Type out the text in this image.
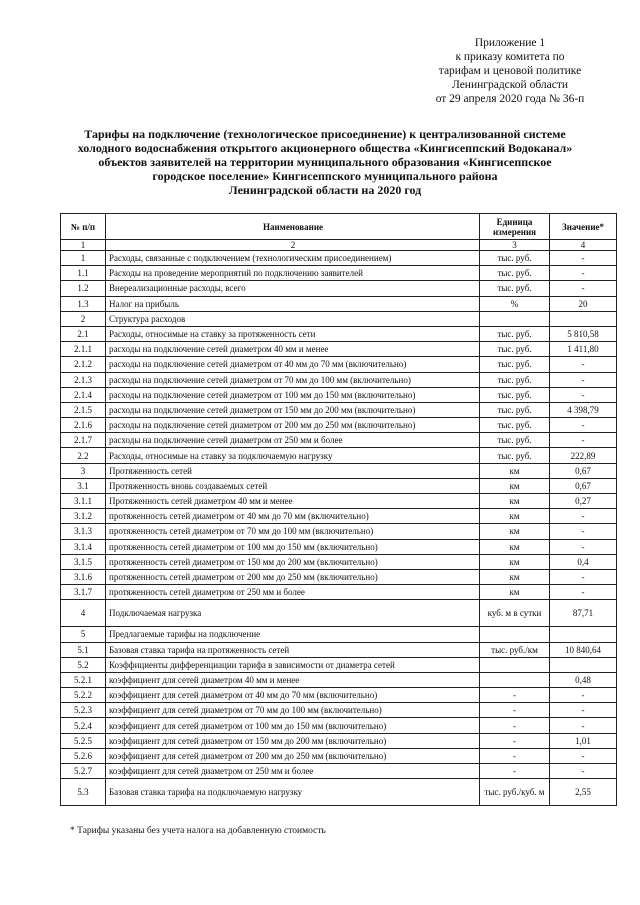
Приложение 1
к приказу комитета по
тарифам и ценовой политике
Ленинградской области
от 29 апреля 2020 года № 36-п
Тарифы на подключение (технологическое присоединение) к централизованной системе
холодного водоснабжения открытого акционерного общества «Кингисеппский Водоканал»
объектов заявителей на территории муниципального образования «Кингисеппское
городское поселение» Кингисеппского муниципального района
Ленинградской области на 2020 год
№ п/п	Наименование	Единица измерения	Значение*
1	2	3	4
1	Расходы, связанные с подключением (технологическим присоединением)	тыс. руб.	-
1.1	Расходы на проведение мероприятий по подключению заявителей	тыс. руб.	-
1.2	Внереализационные расходы, всего	тыс. руб.	-
1.3	Налог на прибыль	%	20
2	Структура расходов		
2.1	Расходы, относимые на ставку за протяженность сети	тыс. руб.	5 810,58
2.1.1	расходы на подключение сетей диаметром 40 мм и менее	тыс. руб.	1 411,80
2.1.2	расходы на подключение сетей диаметром от 40 мм до 70 мм (включительно)	тыс. руб.	-
2.1.3	расходы на подключение сетей диаметром от 70 мм до 100 мм (включительно)	тыс. руб.	-
2.1.4	расходы на подключение сетей диаметром от 100 мм до 150 мм (включительно)	тыс. руб.	-
2.1.5	расходы на подключение сетей диаметром от 150 мм до 200 мм (включительно)	тыс. руб.	4 398,79
2.1.6	расходы на подключение сетей диаметром от 200 мм до 250 мм (включительно)	тыс. руб.	-
2.1.7	расходы на подключение сетей диаметром от 250 мм и более	тыс. руб.	-
2.2	Расходы, относимые на ставку за подключаемую нагрузку	тыс. руб.	222,89
3	Протяженность сетей	км	0,67
3.1	Протяженность вновь создаваемых сетей	км	0,67
3.1.1	Протяженность сетей диаметром 40 мм и менее	км	0,27
3.1.2	протяженность сетей диаметром от 40 мм до 70 мм (включительно)	км	-
3.1.3	протяженность сетей диаметром от 70 мм до 100 мм (включительно)	км	-
3.1.4	протяженность сетей диаметром от 100 мм до 150 мм (включительно)	км	-
3.1.5	протяженность сетей диаметром от 150 мм до 200 мм (включительно)	км	0,4
3.1.6	протяженность сетей диаметром от 200 мм до 250 мм (включительно)	км	-
3.1.7	протяженность сетей диаметром от 250 мм и более	км	-
4	Подключаемая нагрузка	куб. м в сутки	87,71
5	Предлагаемые тарифы на подключение		
5.1	Базовая ставка тарифа на протяженность сетей	тыс. руб./км	10 840,64
5.2	Коэффициенты дифференциации тарифа в зависимости от диаметра сетей		
5.2.1	коэффициент для сетей диаметром 40 мм и менее		0,48
5.2.2	коэффициент для сетей диаметром от 40 мм до 70 мм (включительно)	-	-
5.2.3	коэффициент для сетей диаметром от 70 мм до 100 мм (включительно)	-	-
5.2.4	коэффициент для сетей диаметром от 100 мм до 150 мм (включительно)	-	-
5.2.5	коэффициент для сетей диаметром от 150 мм до 200 мм (включительно)	-	1,01
5.2.6	коэффициент для сетей диаметром от 200 мм до 250 мм (включительно)	-	-
5.2.7	коэффициент для сетей диаметром от 250 мм и более	-	-
5.3	Базовая ставка тарифа на подключаемую нагрузку	тыс. руб./куб. м	2,55
* Тарифы указаны без учета налога на добавленную стоимость
